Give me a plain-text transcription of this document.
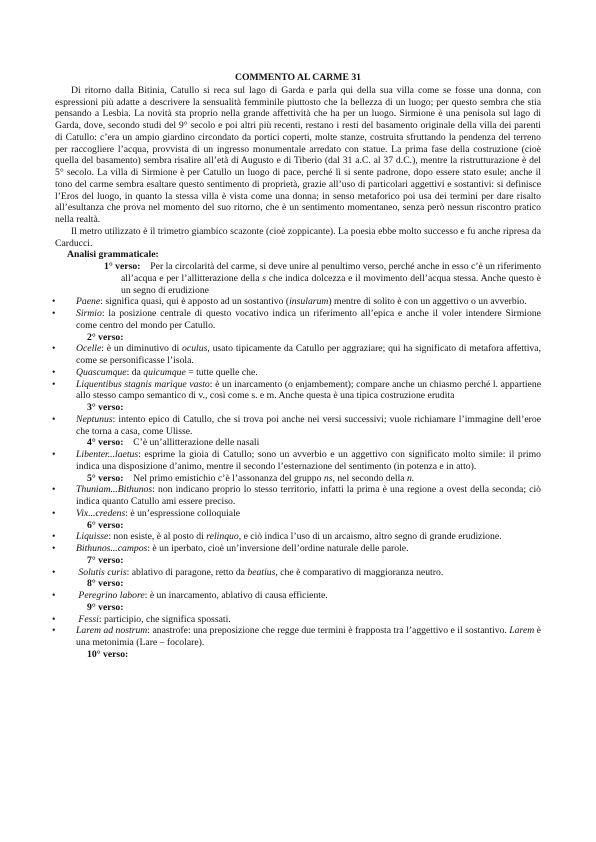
COMMENTO AL CARME 31

Di ritorno dalla Bitinia, Catullo si reca sul lago di Garda e parla qui della sua villa come se fosse una donna, con espressioni più adatte a descrivere la sensualità femminile piuttosto che la bellezza di un luogo; per questo sembra che stia pensando a Lesbia. La novità sta proprio nella grande affettività che ha per un luogo. Sirmione è una penisola sul lago di Garda, dove, secondo studi del 9° secolo e poi altri più recenti, restano i resti del basamento originale della villa dei parenti di Catullo: c’era un ampio giardino circondato da portici coperti, molte stanze, costruita sfruttando la pendenza del terreno per raccogliere l’acqua, provvista di un ingresso monumentale arredato con statue. La prima fase della costruzione (cioè quella del basamento) sembra risalire all’età di Augusto e di Tiberio (dal 31 a.C. al 37 d.C.), mentre la ristrutturazione è del 5° secolo. La villa di Sirmione è per Catullo un luogo di pace, perché lì si sente padrone, dopo essere stato esule; anche il tono del carme sembra esaltare questo sentimento di proprietà, grazie all’uso di particolari aggettivi e sostantivi: si definisce l’Eros del luogo, in quanto la stessa villa è vista come una donna; in senso metaforico poi usa dei termini per dare risalto all’esultanza che prova nel momento del suo ritorno, che è un sentimento momentaneo, senza però nessun riscontro pratico nella realtà.

Il metro utilizzato è il trimetro giambico scazonte (cioè zoppicante). La poesia ebbe molto successo e fu anche ripresa da Carducci.

Analisi grammaticale:

1° verso: Per la circolarità del carme, si deve unire al penultimo verso, perché anche in esso c’è un riferimento all’acqua e per l’allitterazione della s che indica dolcezza e il movimento dell’acqua stessa. Anche questo è un segno di erudizione

• Paene: significa quasi, qui è apposto ad un sostantivo (insularum) mentre di solito è con un aggettivo o un avverbio.
• Sirmio: la posizione centrale di questo vocativo indica un riferimento all’epica e anche il voler intendere Sirmione come centro del mondo per Catullo.

2° verso:

• Ocelle: è un diminutivo di oculus, usato tipicamente da Catullo per aggraziare; qui ha significato di metafora affettiva, come se personificasse l’isola.
• Quascumque: da quicumque = tutte quelle che.
• Liquentibus stagnis marique vasto: è un inarcamento (o enjambement); compare anche un chiasmo perché l. appartiene allo stesso campo semantico di v., così come s. e m. Anche questa è una tipica costruzione erudita

3° verso:

• Neptunus: intento epico di Catullo, che si trova poi anche nei versi successivi; vuole richiamare l’immagine dell’eroe che torna a casa, come Ulisse.

4° verso: C’è un’allitterazione delle nasali

• Libenter...laetus: esprime la gioia di Catullo; sono un avverbio e un aggettivo con significato molto simile: il primo indica una disposizione d’animo, mentre il secondo l’esternazione del sentimento (in potenza e in atto).

5° verso: Nel primo emistichio c’è l’assonanza del gruppo ns, nel secondo della n.

• Thuniam...Bithunos: non indicano proprio lo stesso territorio, infatti la prima è una regione a ovest della seconda; ciò indica quanto Catullo ami essere preciso.
• Vix...credens: è un’espressione colloquiale

6° verso:

• Liquisse: non esiste, è al posto di relinquo, e ciò indica l’uso di un arcaismo, altro segno di grande erudizione.
• Bithunos...campos: è un iperbato, cioè un’inversione dell’ordine naturale delle parole.

7° verso:

• Solutis curis: ablativo di paragone, retto da beatius, che è comparativo di maggioranza neutro.

8° verso:

• Peregrino labore: è un inarcamento, ablativo di causa efficiente.

9° verso:

• Fessi: participio, che significa spossati.
• Larem ad nostrum: anastrofe: una preposizione che regge due termini è frapposta tra l’aggettivo e il sostantivo. Larem è una metonimia (Lare – focolare).

10° verso:
